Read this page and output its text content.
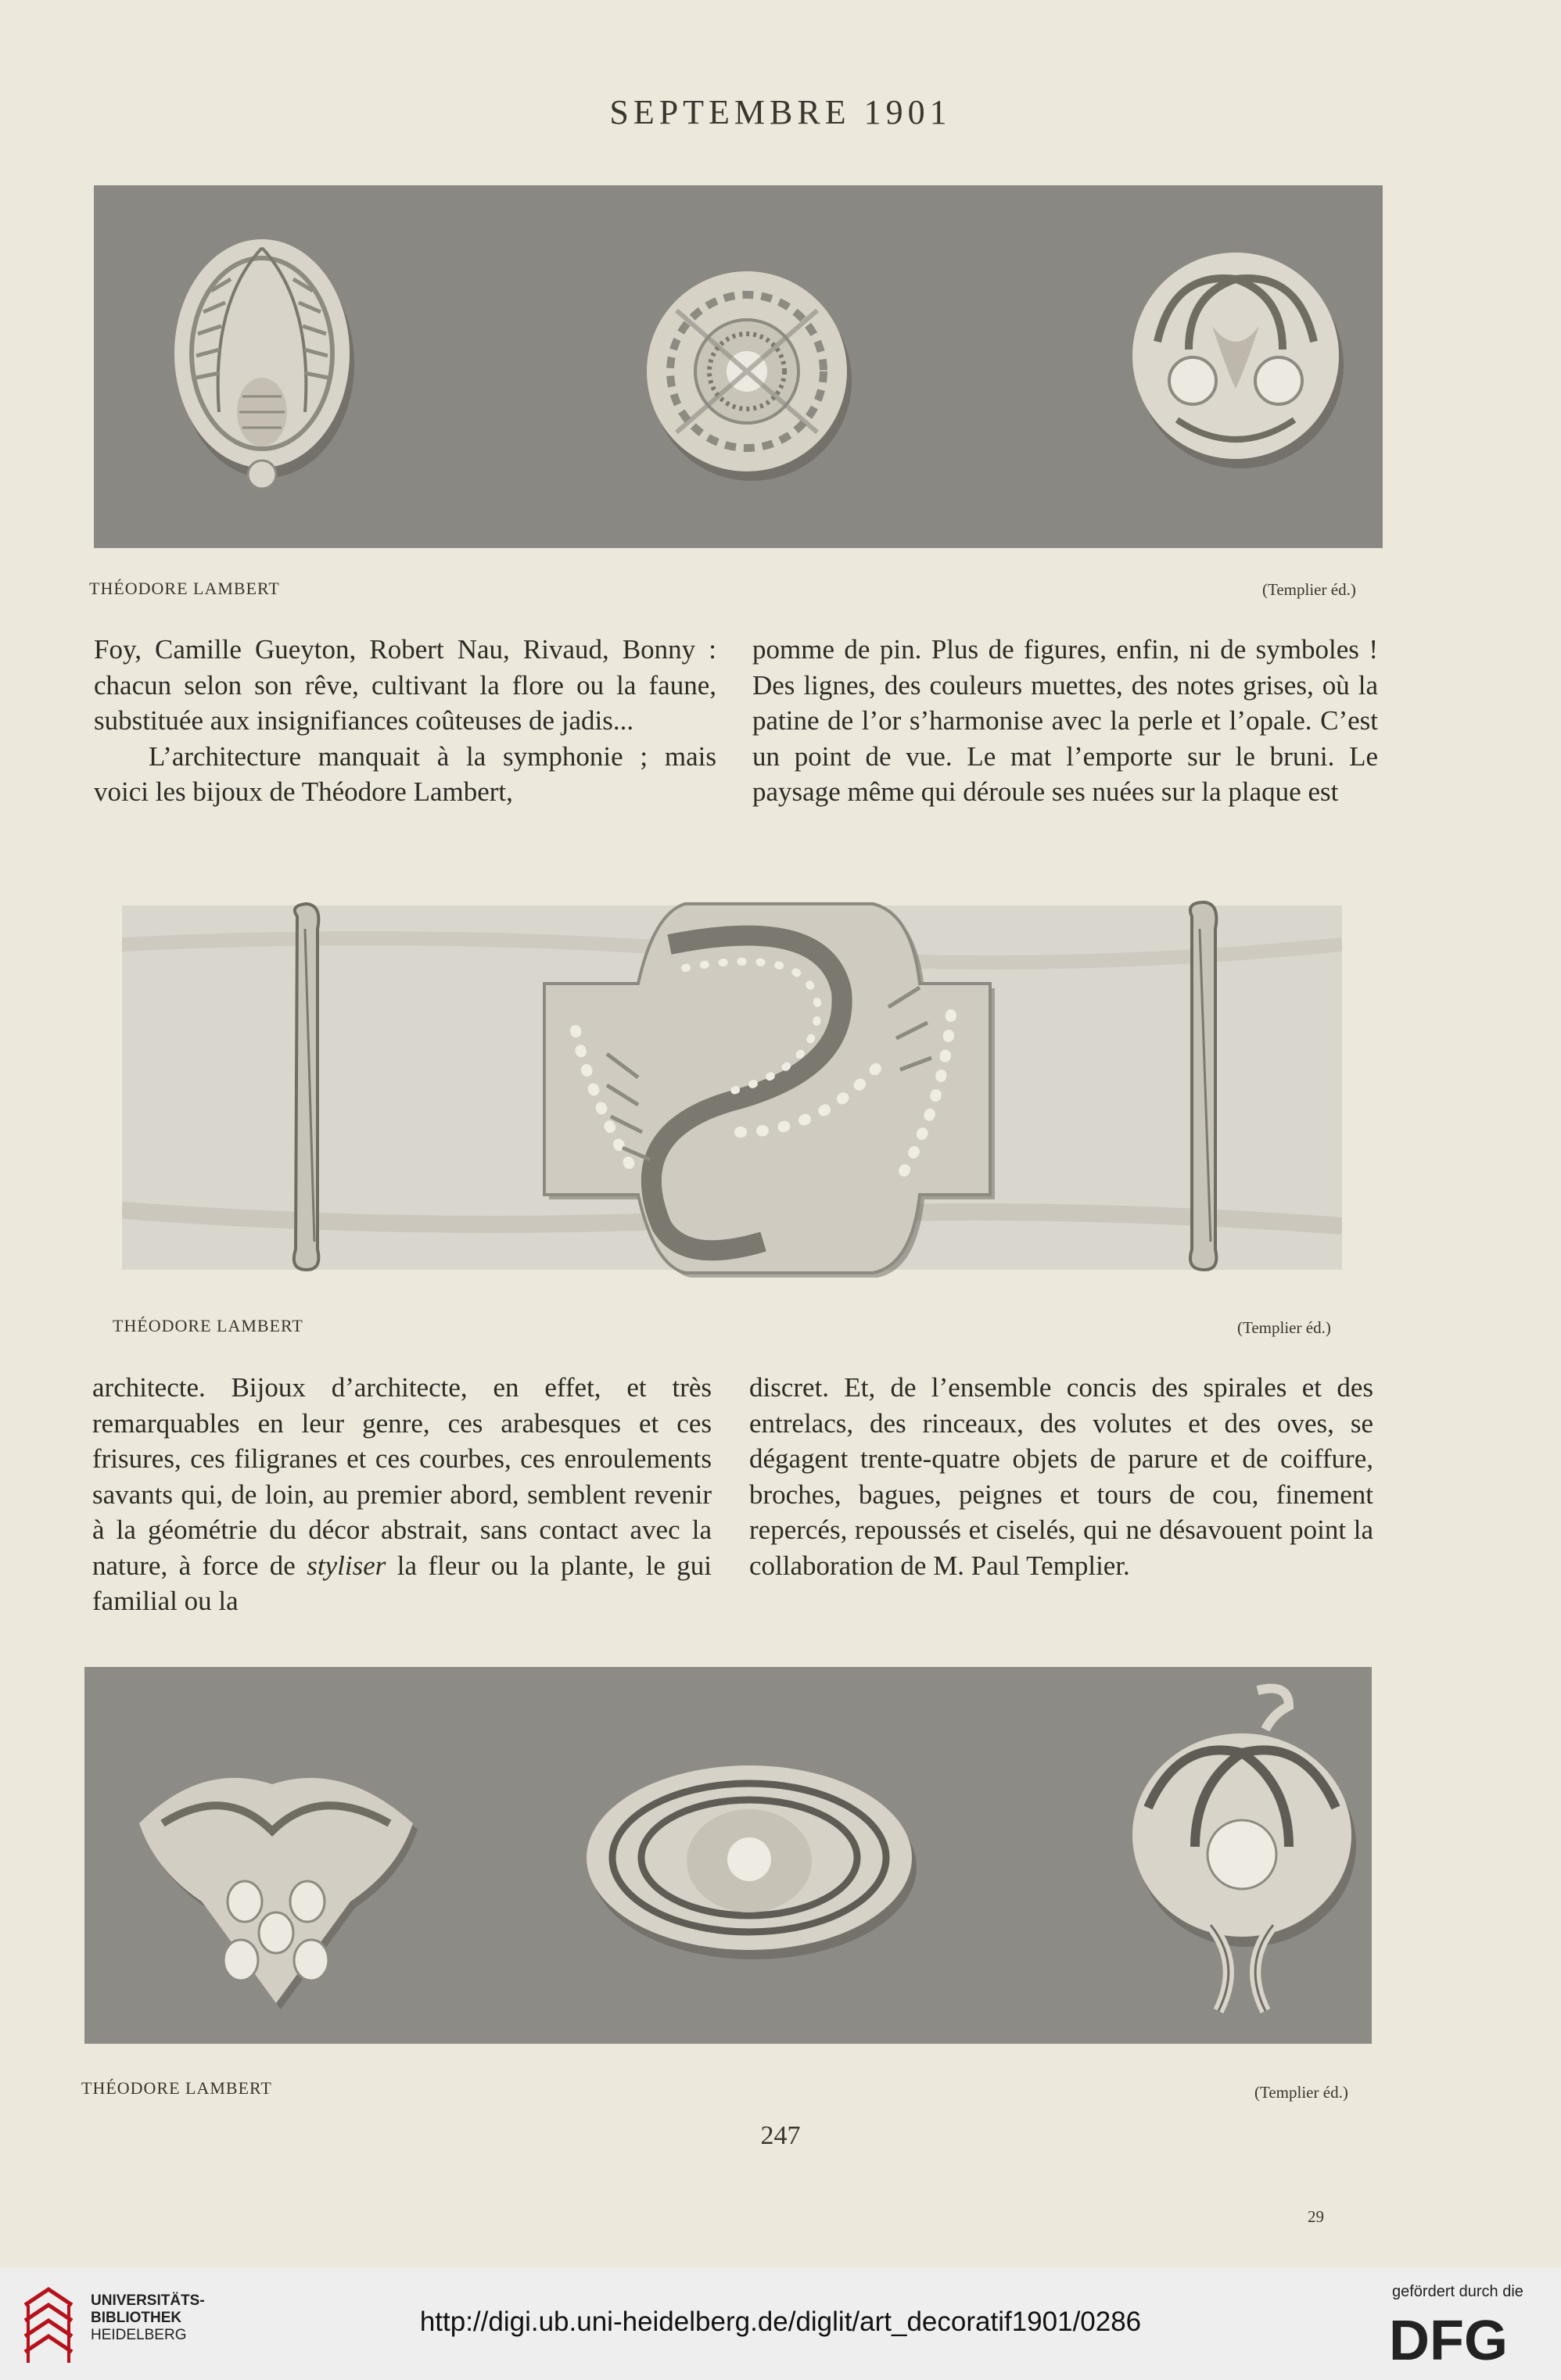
SEPTEMBRE 1901
THÉODORE LAMBERT	(Templier éd.)

Foy, Camille Gueyton, Robert Nau, Rivaud, Bonny : chacun selon son rêve, cultivant la flore ou la faune, substituée aux insignifiances coûteuses de jadis...

L’architecture manquait à la symphonie ; mais voici les bijoux de Théodore Lambert,

pomme de pin. Plus de figures, enfin, ni de symboles ! Des lignes, des couleurs muettes, des notes grises, où la patine de l’or s’harmonise avec la perle et l’opale. C’est un point de vue. Le mat l’emporte sur le bruni. Le paysage même qui déroule ses nuées sur la plaque est

THÉODORE LAMBERT	(Templier éd.)

architecte. Bijoux d’architecte, en effet, et très remarquables en leur genre, ces arabesques et ces frisures, ces filigranes et ces courbes, ces enroulements savants qui, de loin, au premier abord, semblent revenir à la géométrie du décor abstrait, sans contact avec la nature, à force de styliser la fleur ou la plante, le gui familial ou la

discret. Et, de l’ensemble concis des spirales et des entrelacs, des rinceaux, des volutes et des oves, se dégagent trente-quatre objets de parure et de coiffure, broches, bagues, peignes et tours de cou, finement repercés, repoussés et ciselés, qui ne désavouent point la collaboration de M. Paul Templier.

THÉODORE LAMBERT	(Templier éd.)
247
29
UNIVERSITÄTS-
BIBLIOTHEK
HEIDELBERG	http://digi.ub.uni-heidelberg.de/diglit/art_decoratif1901/0286
gefördert durch die
DFG
